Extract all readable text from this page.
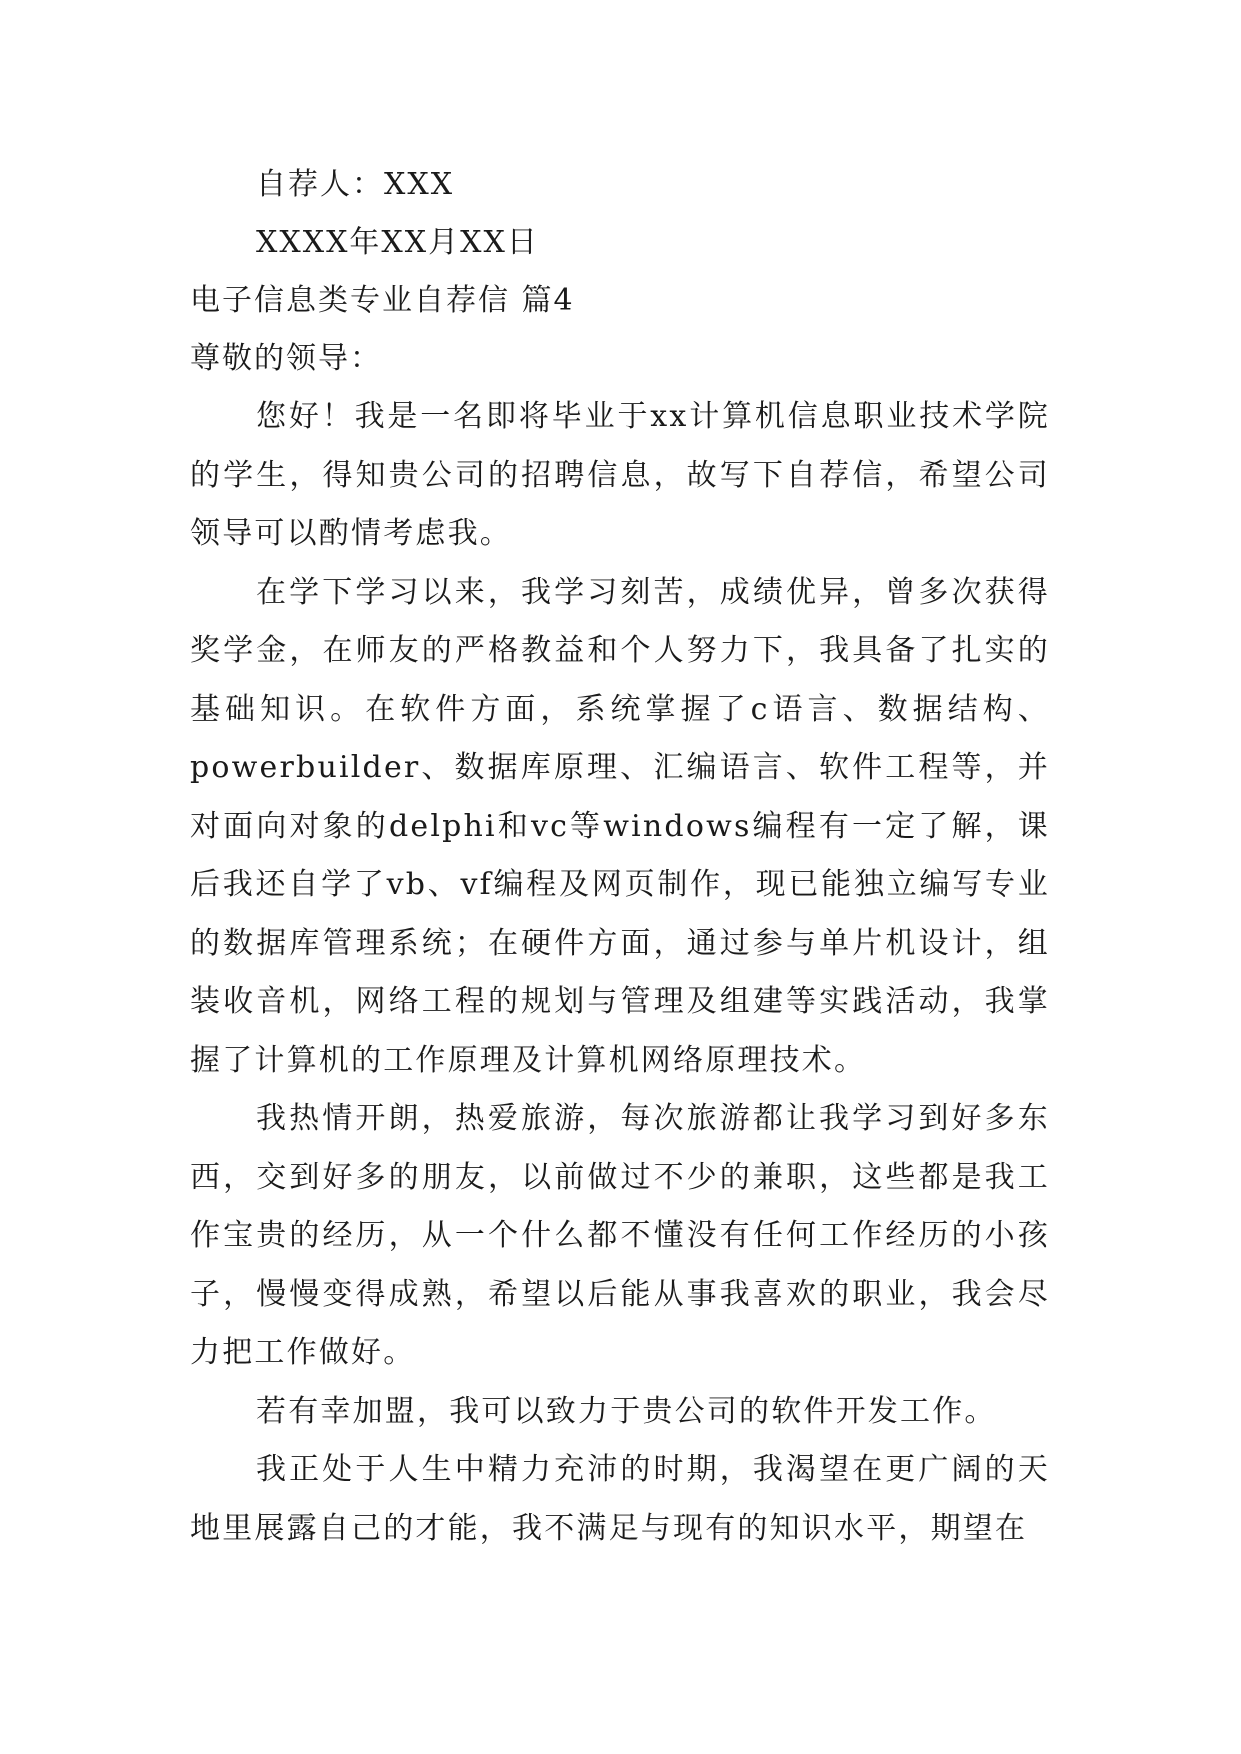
自荐人：XXX
XXXX年XX月XX日
电子信息类专业自荐信 篇4
尊敬的领导：

您好！我是一名即将毕业于xx计算机信息职业技术学院的学生，得知贵公司的招聘信息，故写下自荐信，希望公司领导可以酌情考虑我。

在学下学习以来，我学习刻苦，成绩优异，曾多次获得奖学金，在师友的严格教益和个人努力下，我具备了扎实的基础知识。在软件方面，系统掌握了c语言、数据结构、powerbuilder、数据库原理、汇编语言、软件工程等，并对面向对象的delphi和vc等windows编程有一定了解，课后我还自学了vb、vf编程及网页制作，现已能独立编写专业的数据库管理系统；在硬件方面，通过参与单片机设计，组装收音机，网络工程的规划与管理及组建等实践活动，我掌握了计算机的工作原理及计算机网络原理技术。

我热情开朗，热爱旅游，每次旅游都让我学习到好多东西，交到好多的朋友，以前做过不少的兼职，这些都是我工作宝贵的经历，从一个什么都不懂没有任何工作经历的小孩子，慢慢变得成熟，希望以后能从事我喜欢的职业，我会尽力把工作做好。

若有幸加盟，我可以致力于贵公司的软件开发工作。

我正处于人生中精力充沛的时期，我渴望在更广阔的天地里展露自己的才能，我不满足与现有的知识水平，期望在
